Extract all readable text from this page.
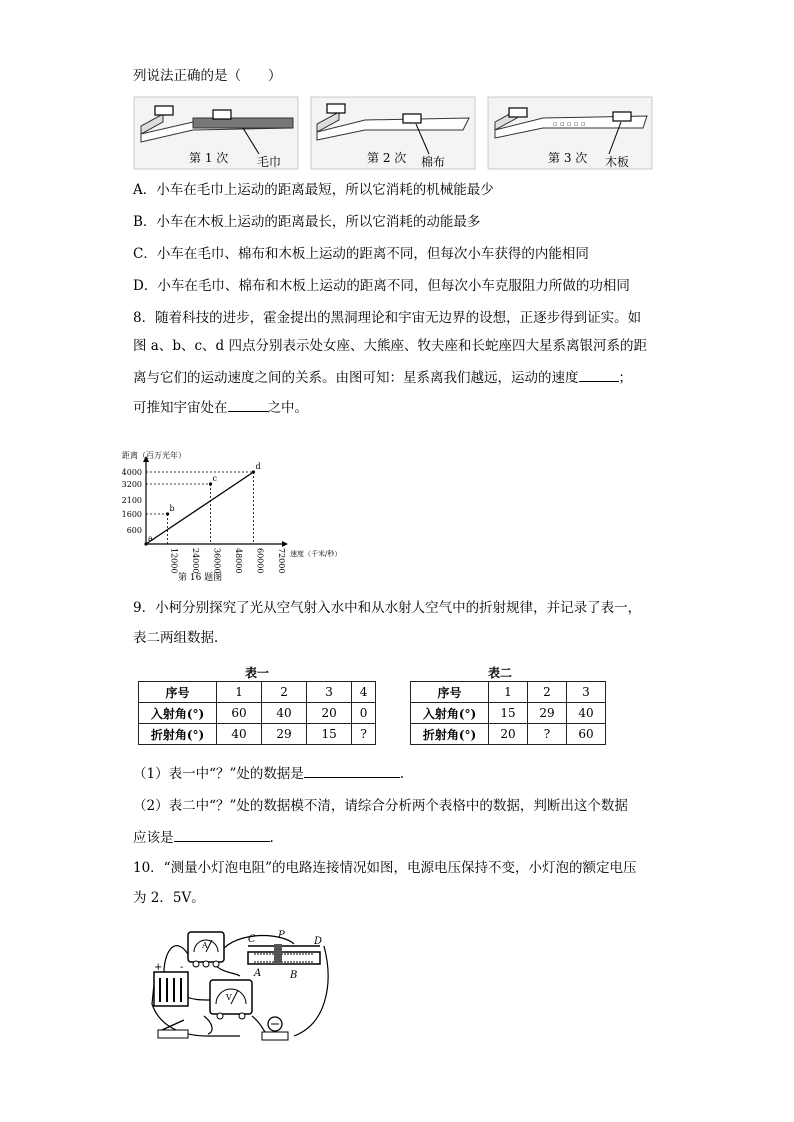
列说法正确的是（　　）
第 1 次 毛巾	第 2 次 棉布
▫ ▫ ▫ ▫ ▫
第 3 次 木板
A．小车在毛巾上运动的距离最短，所以它消耗的机械能最少
B．小车在木板上运动的距离最长，所以它消耗的动能最多
C．小车在毛巾、棉布和木板上运动的距离不同，但每次小车获得的内能相同
D．小车在毛巾、棉布和木板上运动的距离不同，但每次小车克服阻力所做的功相同
8．随着科技的进步，霍金提出的黑洞理论和宇宙无边界的设想，正逐步得到证实。如
图 a、b、c、d 四点分别表示处女座、大熊座、牧夫座和长蛇座四大星系离银河系的距
离与它们的运动速度之间的关系。由图可知：星系离我们越远，运动的速度	；
可推知宇宙处在	之中。
距离（百万光年）
速度（千米/秒）
4000
3200
2100
1600
600
12000 24000 36000 48000 60000 72000
a
b
c
d
第 16 题图
9．小柯分别探究了光从空气射入水中和从水射人空气中的折射规律，并记录了表一，
表二两组数据．
表一
序号	1	2	3	4
入射角(°)	60	40	20	0
折射角(°)	40	29	15	?
表二
序号	1	2	3
入射角(°)	15	29	40
折射角(°)	20	?	60
（1）表一中“？”处的数据是	.
（2）表二中“？”处的数据模不清，请综合分析两个表格中的数据，判断出这个数据
应该是	.
10．“测量小灯泡电阻”的电路连接情况如图，电源电压保持不变，小灯泡的额定电压
为 2．5V。
A
C P
D
A	B
+ -
V
